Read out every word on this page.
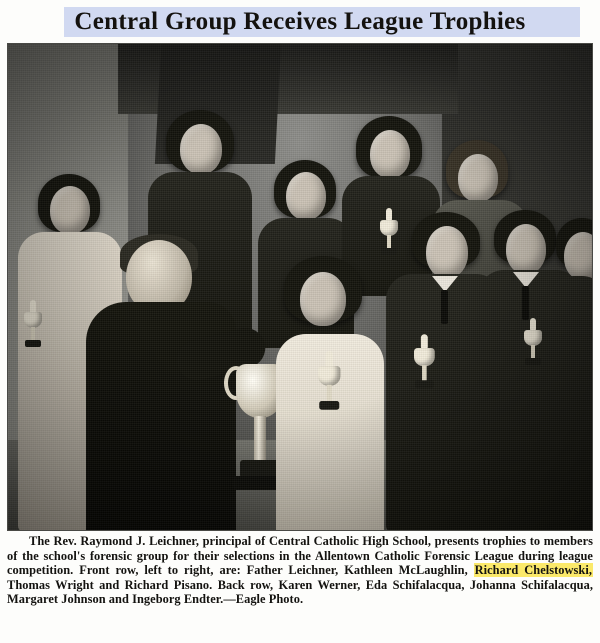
Central Group Receives League Trophies

The Rev. Raymond J. Leichner, principal of Central Catholic High School, presents trophies to members of the school's forensic group for their selections in the Allentown Catholic Forensic League during league competition. Front row, left to right, are: Father Leichner, Kathleen McLaughlin, Richard Chelstowski, Thomas Wright and Richard Pisano. Back row, Karen Werner, Eda Schifalacqua, Johanna Schifalacqua, Margaret Johnson and Ingeborg Endter.—Eagle Photo.
